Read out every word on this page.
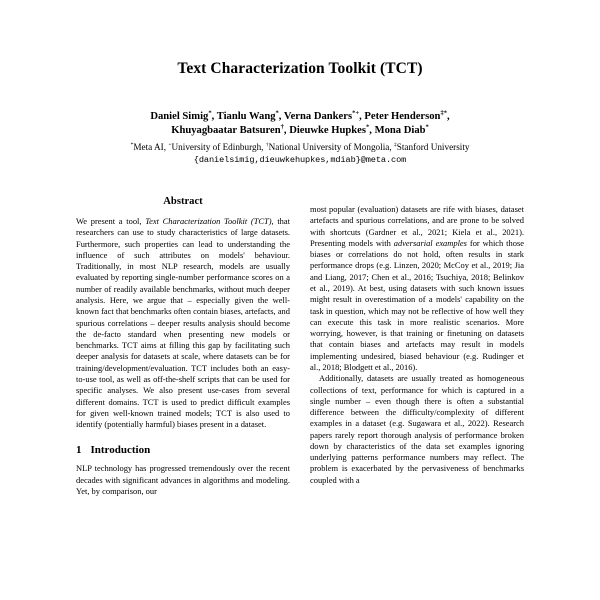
Text Characterization Toolkit (TCT)
Daniel Simig*, Tianlu Wang*, Verna Dankers*+, Peter Henderson‡*,
Khuyagbaatar Batsuren†, Dieuwke Hupkes*, Mona Diab*
*Meta AI, +University of Edinburgh, †National University of Mongolia, ‡Stanford University
{danielsimig,dieuwkehupkes,mdiab}@meta.com
Abstract

We present a tool, Text Characterization Toolkit (TCT), that researchers can use to study characteristics of large datasets. Furthermore, such properties can lead to understanding the influence of such attributes on models' behaviour. Traditionally, in most NLP research, models are usually evaluated by reporting single-number performance scores on a number of readily available benchmarks, without much deeper analysis. Here, we argue that – especially given the well-known fact that benchmarks often contain biases, artefacts, and spurious correlations – deeper results analysis should become the de-facto standard when presenting new models or benchmarks. TCT aims at filling this gap by facilitating such deeper analysis for datasets at scale, where datasets can be for training/development/evaluation. TCT includes both an easy-to-use tool, as well as off-the-shelf scripts that can be used for specific analyses. We also present use-cases from several different domains. TCT is used to predict difficult examples for given well-known trained models; TCT is also used to identify (potentially harmful) biases present in a dataset.

1 Introduction

NLP technology has progressed tremendously over the recent decades with significant advances in algorithms and modeling. Yet, by comparison, our

most popular (evaluation) datasets are rife with biases, dataset artefacts and spurious correlations, and are prone to be solved with shortcuts (Gardner et al., 2021; Kiela et al., 2021). Presenting models with adversarial examples for which those biases or correlations do not hold, often results in stark performance drops (e.g. Linzen, 2020; McCoy et al., 2019; Jia and Liang, 2017; Chen et al., 2016; Tsuchiya, 2018; Belinkov et al., 2019). At best, using datasets with such known issues might result in overestimation of a models' capability on the task in question, which may not be reflective of how well they can execute this task in more realistic scenarios. More worrying, however, is that training or finetuning on datasets that contain biases and artefacts may result in models implementing undesired, biased behaviour (e.g. Rudinger et al., 2018; Blodgett et al., 2016).

Additionally, datasets are usually treated as homogeneous collections of text, performance for which is captured in a single number – even though there is often a substantial difference between the difficulty/complexity of different examples in a dataset (e.g. Sugawara et al., 2022). Research papers rarely report thorough analysis of performance broken down by characteristics of the data set examples ignoring underlying patterns performance numbers may reflect. The problem is exacerbated by the pervasiveness of benchmarks coupled with a
